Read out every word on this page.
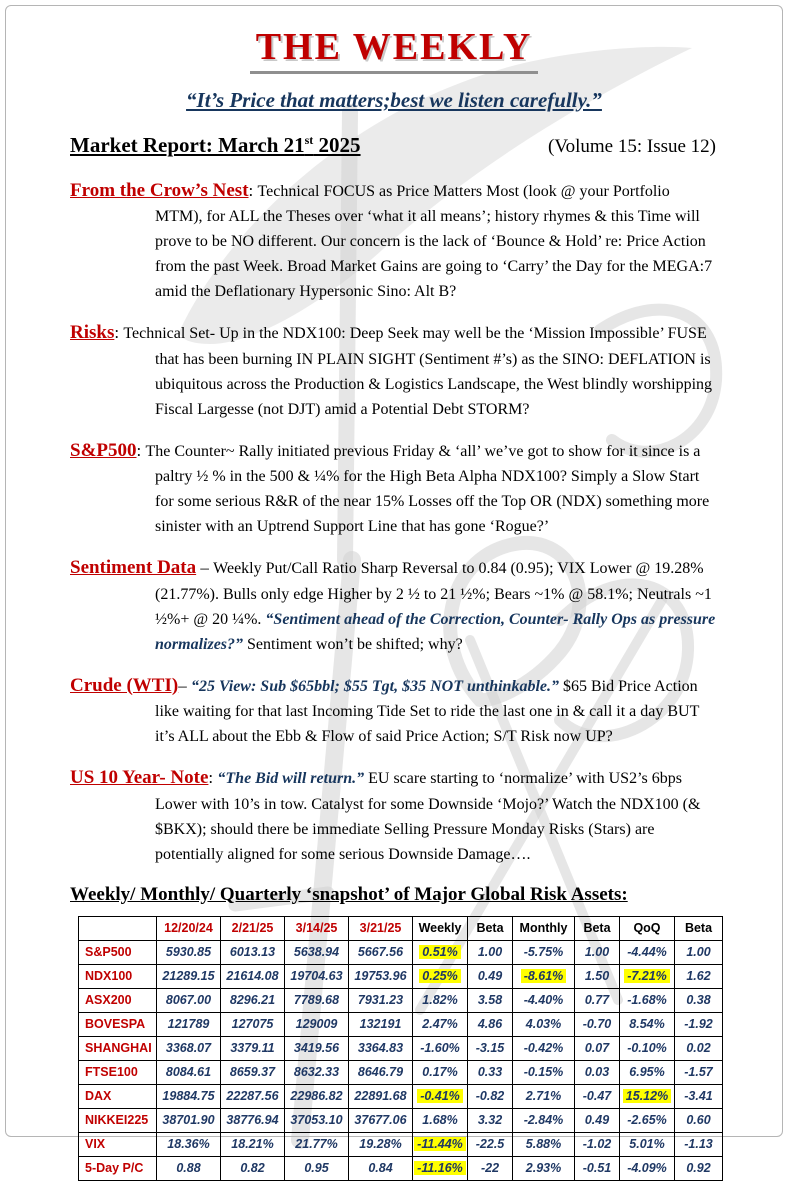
THE WEEKLY
“It’s Price that matters;best we listen carefully.”
Market Report: March 21st 2025	(Volume 15: Issue 12)

From the Crow’s Nest: Technical FOCUS as Price Matters Most (look @ your Portfolio MTM), for ALL the Theses over ‘what it all means’; history rhymes & this Time will prove to be NO different. Our concern is the lack of ‘Bounce & Hold’ re: Price Action from the past Week. Broad Market Gains are going to ‘Carry’ the Day for the MEGA:7 amid the Deflationary Hypersonic Sino: Alt B?

Risks: Technical Set- Up in the NDX100: Deep Seek may well be the ‘Mission Impossible’ FUSE that has been burning IN PLAIN SIGHT (Sentiment #’s) as the SINO: DEFLATION is ubiquitous across the Production & Logistics Landscape, the West blindly worshipping Fiscal Largesse (not DJT) amid a Potential Debt STORM?

S&P500: The Counter~ Rally initiated previous Friday & ‘all’ we’ve got to show for it since is a paltry ½ % in the 500 & ¼% for the High Beta Alpha NDX100? Simply a Slow Start for some serious R&R of the near 15% Losses off the Top OR (NDX) something more sinister with an Uptrend Support Line that has gone ‘Rogue?’

Sentiment Data – Weekly Put/Call Ratio Sharp Reversal to 0.84 (0.95); VIX Lower @ 19.28% (21.77%). Bulls only edge Higher by 2 ½ to 21 ½%; Bears ~1% @ 58.1%; Neutrals ~1 ½%+ @ 20 ¼%. “Sentiment ahead of the Correction, Counter- Rally Ops as pressure normalizes?” Sentiment won’t be shifted; why?

Crude (WTI)– “25 View: Sub $65bbl; $55 Tgt, $35 NOT unthinkable.” $65 Bid Price Action like waiting for that last Incoming Tide Set to ride the last one in & call it a day BUT it’s ALL about the Ebb & Flow of said Price Action; S/T Risk now UP?

US 10 Year- Note: “The Bid will return.” EU scare starting to ‘normalize’ with US2’s 6bps Lower with 10’s in tow. Catalyst for some Downside ‘Mojo?’ Watch the NDX100 (& $BKX); should there be immediate Selling Pressure Monday Risks (Stars) are potentially aligned for some serious Downside Damage….

Weekly/ Monthly/ Quarterly ‘snapshot’ of Major Global Risk Assets:
	12/20/24	2/21/25	3/14/25	3/21/25	Weekly	Beta	Monthly	Beta	QoQ	Beta
S&P500	5930.85	6013.13	5638.94	5667.56	0.51%	1.00	-5.75%	1.00	-4.44%	1.00
NDX100	21289.15	21614.08	19704.63	19753.96	0.25%	0.49	-8.61%	1.50	-7.21%	1.62
ASX200	8067.00	8296.21	7789.68	7931.23	1.82%	3.58	-4.40%	0.77	-1.68%	0.38
BOVESPA	121789	127075	129009	132191	2.47%	4.86	4.03%	-0.70	8.54%	-1.92
SHANGHAI	3368.07	3379.11	3419.56	3364.83	-1.60%	-3.15	-0.42%	0.07	-0.10%	0.02
FTSE100	8084.61	8659.37	8632.33	8646.79	0.17%	0.33	-0.15%	0.03	6.95%	-1.57
DAX	19884.75	22287.56	22986.82	22891.68	-0.41%	-0.82	2.71%	-0.47	15.12%	-3.41
NIKKEI225	38701.90	38776.94	37053.10	37677.06	1.68%	3.32	-2.84%	0.49	-2.65%	0.60
VIX	18.36%	18.21%	21.77%	19.28%	-11.44%	-22.5	5.88%	-1.02	5.01%	-1.13
5-Day P/C	0.88	0.82	0.95	0.84	-11.16%	-22	2.93%	-0.51	-4.09%	0.92
